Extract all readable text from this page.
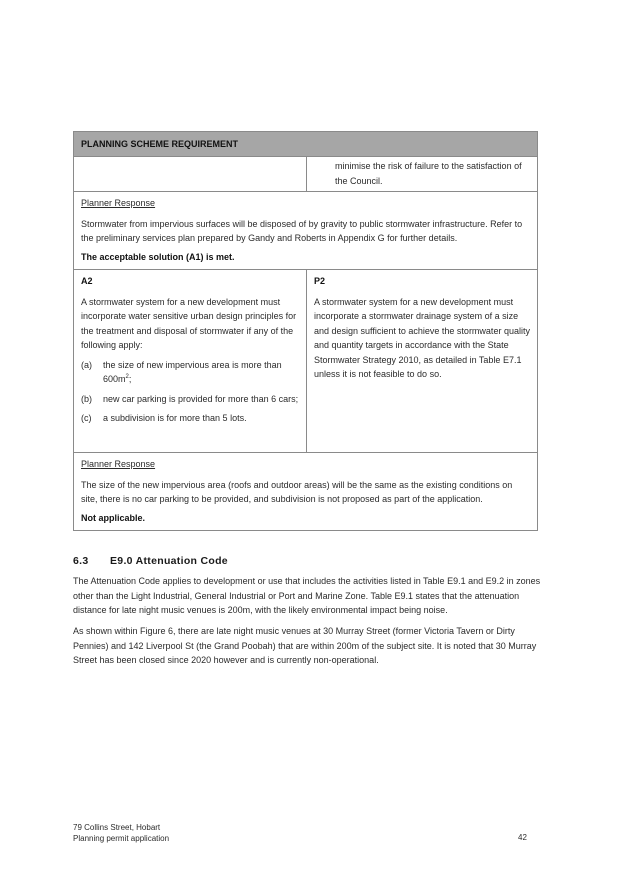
PLANNING SCHEME REQUIREMENT

minimise the risk of failure to the satisfaction of the Council.

Planner Response

Stormwater from impervious surfaces will be disposed of by gravity to public stormwater infrastructure. Refer to the preliminary services plan prepared by Gandy and Roberts in Appendix G for further details.

The acceptable solution (A1) is met.

A2

A stormwater system for a new development must incorporate water sensitive urban design principles for the treatment and disposal of stormwater if any of the following apply:

(a)	the size of new impervious area is more than $600m^2$;
(b)	new car parking is provided for more than 6 cars;
(c)	a subdivision is for more than 5 lots.

P2

A stormwater system for a new development must incorporate a stormwater drainage system of a size and design sufficient to achieve the stormwater quality and quantity targets in accordance with the State Stormwater Strategy 2010, as detailed in Table E7.1 unless it is not feasible to do so.

Planner Response

The size of the new impervious area (roofs and outdoor areas) will be the same as the existing conditions on site, there is no car parking to be provided, and subdivision is not proposed as part of the application.

Not applicable.

6.3 E9.0 Attenuation Code

The Attenuation Code applies to development or use that includes the activities listed in Table E9.1 and E9.2 in zones other than the Light Industrial, General Industrial or Port and Marine Zone. Table E9.1 states that the attenuation distance for late night music venues is 200m, with the likely environmental impact being noise.

As shown within Figure 6, there are late night music venues at 30 Murray Street (former Victoria Tavern or Dirty Pennies) and 142 Liverpool St (the Grand Poobah) that are within 200m of the subject site. It is noted that 30 Murray Street has been closed since 2020 however and is currently non-operational.

79 Collins Street, Hobart
Planning permit application	42
